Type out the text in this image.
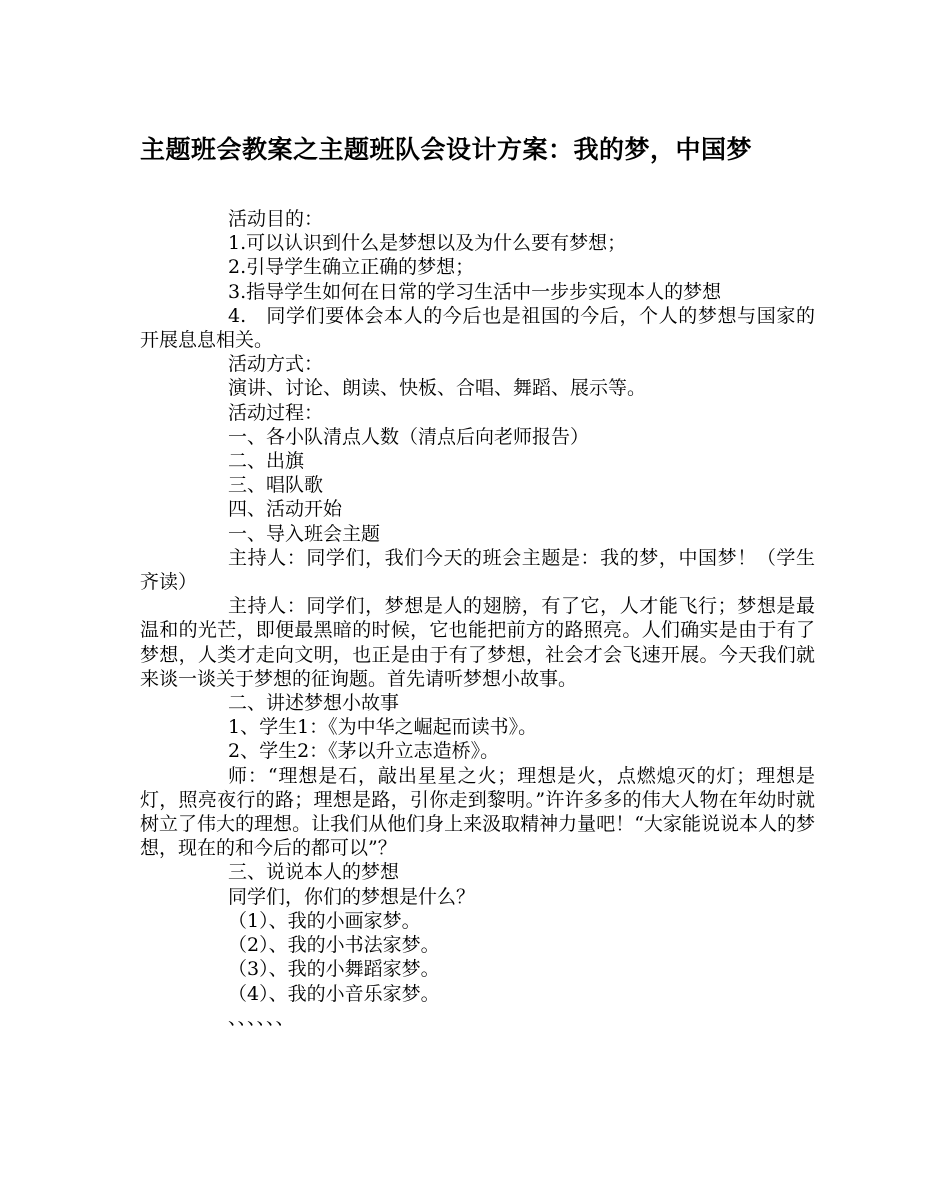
主题班会教案之主题班队会设计方案：我的梦，中国梦

活动目的：

1.可以认识到什么是梦想以及为什么要有梦想；

2.引导学生确立正确的梦想；

3.指导学生如何在日常的学习生活中一步步实现本人的梦想

4.　同学们要体会本人的今后也是祖国的今后，个人的梦想与国家的开展息息相关。

活动方式：

演讲、讨论、朗读、快板、合唱、舞蹈、展示等。

活动过程：

一、各小队清点人数（清点后向老师报告）

二、出旗

三、唱队歌

四、活动开始

一、导入班会主题

主持人：同学们，我们今天的班会主题是：我的梦，中国梦！（学生齐读）

主持人：同学们，梦想是人的翅膀，有了它，人才能飞行；梦想是最温和的光芒，即便最黑暗的时候，它也能把前方的路照亮。人们确实是由于有了梦想，人类才走向文明，也正是由于有了梦想，社会才会飞速开展。今天我们就来谈一谈关于梦想的征询题。首先请听梦想小故事。

二、讲述梦想小故事

1、学生1：《为中华之崛起而读书》。

2、学生2：《茅以升立志造桥》。

师：“理想是石，敲出星星之火；理想是火，点燃熄灭的灯；理想是灯，照亮夜行的路；理想是路，引你走到黎明。”许许多多的伟大人物在年幼时就树立了伟大的理想。让我们从他们身上来汲取精神力量吧！“大家能说说本人的梦想，现在的和今后的都可以”？

三、说说本人的梦想

同学们，你们的梦想是什么？

（1）、我的小画家梦。

（2）、我的小书法家梦。

（3）、我的小舞蹈家梦。

（4）、我的小音乐家梦。

、、、、、、
